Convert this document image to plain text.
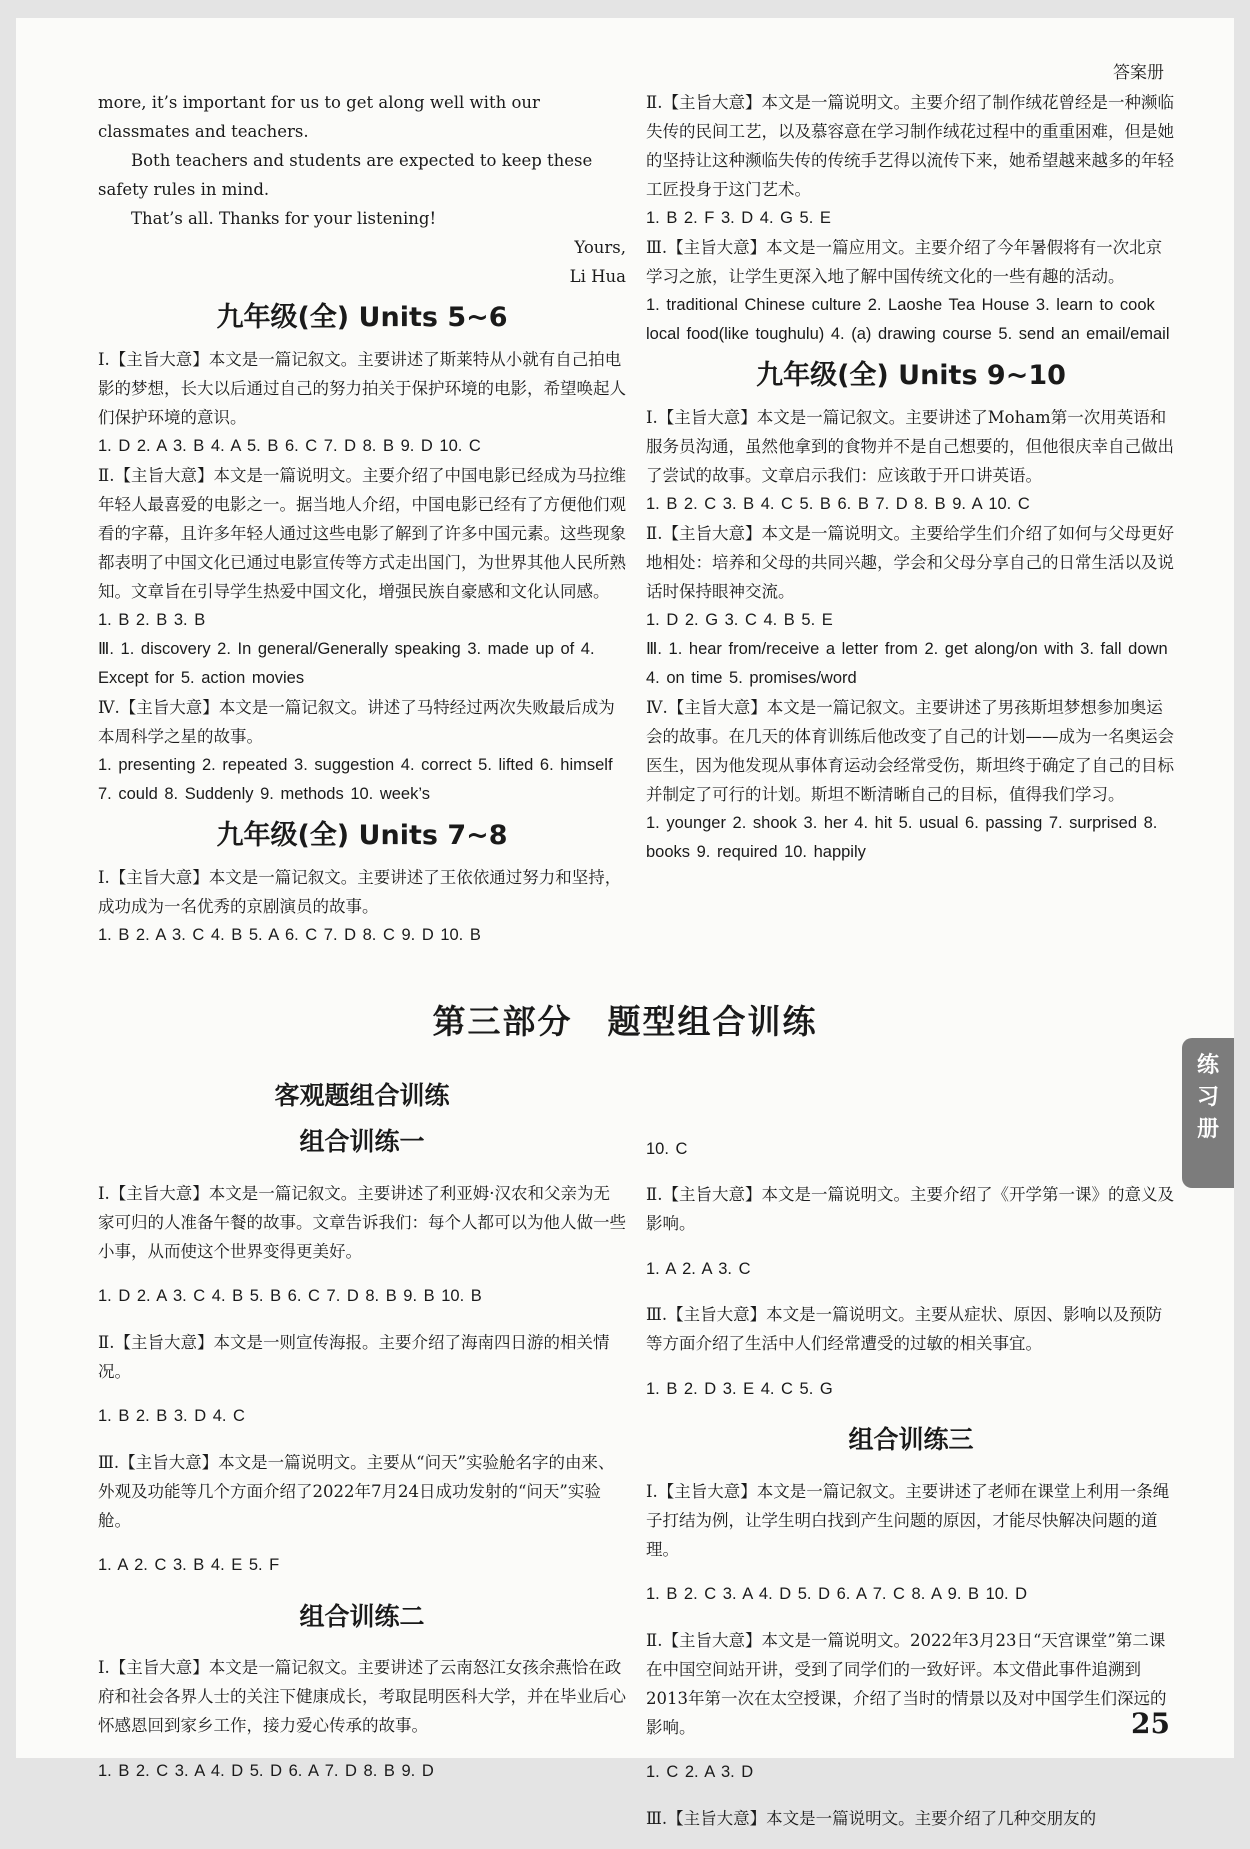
答案册

more, it’s important for us to get along well with our classmates and teachers.

Both teachers and students are expected to keep these safety rules in mind.

That’s all. Thanks for your listening!

Yours,

Li Hua

九年级(全) Units 5~6

Ⅰ.【主旨大意】本文是一篇记叙文。主要讲述了斯莱特从小就有自己拍电影的梦想，长大以后通过自己的努力拍关于保护环境的电影，希望唤起人们保护环境的意识。

1. D 2. A 3. B 4. A 5. B 6. C 7. D 8. B 9. D 10. C

Ⅱ.【主旨大意】本文是一篇说明文。主要介绍了中国电影已经成为马拉维年轻人最喜爱的电影之一。据当地人介绍，中国电影已经有了方便他们观看的字幕，且许多年轻人通过这些电影了解到了许多中国元素。这些现象都表明了中国文化已通过电影宣传等方式走出国门，为世界其他人民所熟知。文章旨在引导学生热爱中国文化，增强民族自豪感和文化认同感。

1. B 2. B 3. B

Ⅲ. 1. discovery 2. In general/Generally speaking 3. made up of 4. Except for 5. action movies

Ⅳ.【主旨大意】本文是一篇记叙文。讲述了马特经过两次失败最后成为本周科学之星的故事。

1. presenting 2. repeated 3. suggestion 4. correct 5. lifted 6. himself 7. could 8. Suddenly 9. methods 10. week’s

九年级(全) Units 7~8

Ⅰ.【主旨大意】本文是一篇记叙文。主要讲述了王依依通过努力和坚持，成功成为一名优秀的京剧演员的故事。

1. B 2. A 3. C 4. B 5. A 6. C 7. D 8. C 9. D 10. B

Ⅱ.【主旨大意】本文是一篇说明文。主要介绍了制作绒花曾经是一种濒临失传的民间工艺，以及慕容意在学习制作绒花过程中的重重困难，但是她的坚持让这种濒临失传的传统手艺得以流传下来，她希望越来越多的年轻工匠投身于这门艺术。

1. B 2. F 3. D 4. G 5. E

Ⅲ.【主旨大意】本文是一篇应用文。主要介绍了今年暑假将有一次北京学习之旅，让学生更深入地了解中国传统文化的一些有趣的活动。

1. traditional Chinese culture 2. Laoshe Tea House 3. learn to cook local food(like toughulu) 4. (a) drawing course 5. send an email/email

九年级(全) Units 9~10

Ⅰ.【主旨大意】本文是一篇记叙文。主要讲述了Moham第一次用英语和服务员沟通，虽然他拿到的食物并不是自己想要的，但他很庆幸自己做出了尝试的故事。文章启示我们：应该敢于开口讲英语。

1. B 2. C 3. B 4. C 5. B 6. B 7. D 8. B 9. A 10. C

Ⅱ.【主旨大意】本文是一篇说明文。主要给学生们介绍了如何与父母更好地相处：培养和父母的共同兴趣，学会和父母分享自己的日常生活以及说话时保持眼神交流。

1. D 2. G 3. C 4. B 5. E

Ⅲ. 1. hear from/receive a letter from 2. get along/on with 3. fall down 4. on time 5. promises/word

Ⅳ.【主旨大意】本文是一篇记叙文。主要讲述了男孩斯坦梦想参加奥运会的故事。在几天的体育训练后他改变了自己的计划——成为一名奥运会医生，因为他发现从事体育运动会经常受伤，斯坦终于确定了自己的目标并制定了可行的计划。斯坦不断清晰自己的目标，值得我们学习。

1. younger 2. shook 3. her 4. hit 5. usual 6. passing 7. surprised 8. books 9. required 10. happily

第三部分　题型组合训练
客观题组合训练
组合训练一

Ⅰ.【主旨大意】本文是一篇记叙文。主要讲述了利亚姆·汉农和父亲为无家可归的人准备午餐的故事。文章告诉我们：每个人都可以为他人做一些小事，从而使这个世界变得更美好。

1. D 2. A 3. C 4. B 5. B 6. C 7. D 8. B 9. B 10. B

Ⅱ.【主旨大意】本文是一则宣传海报。主要介绍了海南四日游的相关情况。

1. B 2. B 3. D 4. C

Ⅲ.【主旨大意】本文是一篇说明文。主要从“问天”实验舱名字的由来、外观及功能等几个方面介绍了2022年7月24日成功发射的“问天”实验舱。

1. A 2. C 3. B 4. E 5. F

组合训练二

Ⅰ.【主旨大意】本文是一篇记叙文。主要讲述了云南怒江女孩余燕恰在政府和社会各界人士的关注下健康成长，考取昆明医科大学，并在毕业后心怀感恩回到家乡工作，接力爱心传承的故事。

1. B 2. C 3. A 4. D 5. D 6. A 7. D 8. B 9. D

10. C

Ⅱ.【主旨大意】本文是一篇说明文。主要介绍了《开学第一课》的意义及影响。

1. A 2. A 3. C

Ⅲ.【主旨大意】本文是一篇说明文。主要从症状、原因、影响以及预防等方面介绍了生活中人们经常遭受的过敏的相关事宜。

1. B 2. D 3. E 4. C 5. G

组合训练三

Ⅰ.【主旨大意】本文是一篇记叙文。主要讲述了老师在课堂上利用一条绳子打结为例，让学生明白找到产生问题的原因，才能尽快解决问题的道理。

1. B 2. C 3. A 4. D 5. D 6. A 7. C 8. A 9. B 10. D

Ⅱ.【主旨大意】本文是一篇说明文。2022年3月23日“天宫课堂”第二课在中国空间站开讲，受到了同学们的一致好评。本文借此事件追溯到2013年第一次在太空授课，介绍了当时的情景以及对中国学生们深远的影响。

1. C 2. A 3. D

Ⅲ.【主旨大意】本文是一篇说明文。主要介绍了几种交朋友的

练
习
册
25
